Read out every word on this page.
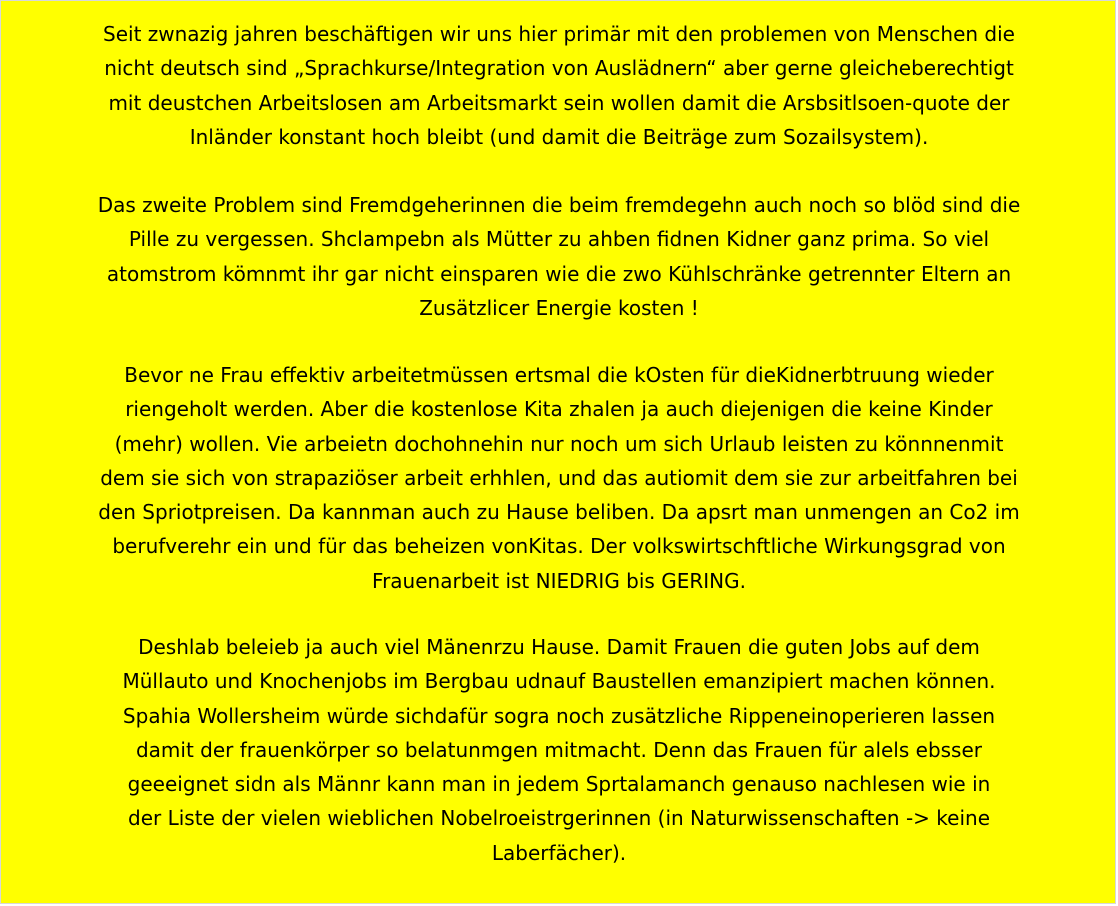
Seit zwnazig jahren beschäftigen wir uns hier primär mit den problemen von Menschen die
nicht deutsch sind „Sprachkurse/Integration von Auslädnern“ aber gerne gleicheberechtigt
mit deustchen Arbeitslosen am Arbeitsmarkt sein wollen damit die Arsbsitlsoen-quote der
Inländer konstant hoch bleibt (und damit die Beiträge zum Sozailsystem).

Das zweite Problem sind Fremdgeherinnen die beim fremdegehn auch noch so blöd sind die
Pille zu vergessen. Shclampebn als Mütter zu ahben fidnen Kidner ganz prima. So viel
atomstrom kömnmt ihr gar nicht einsparen wie die zwo Kühlschränke getrennter Eltern an
Zusätzlicer Energie kosten !

Bevor ne Frau effektiv arbeitetmüssen ertsmal die kOsten für dieKidnerbtruung wieder
riengeholt werden. Aber die kostenlose Kita zhalen ja auch diejenigen die keine Kinder
(mehr) wollen. Vie arbeietn dochohnehin nur noch um sich Urlaub leisten zu könnnenmit
dem sie sich von strapaziöser arbeit erhhlen, und das autiomit dem sie zur arbeitfahren bei
den Spriotpreisen. Da kannman auch zu Hause beliben. Da apsrt man unmengen an Co2 im
berufverehr ein und für das beheizen vonKitas. Der volkswirtschftliche Wirkungsgrad von
Frauenarbeit ist NIEDRIG bis GERING.

Deshlab beleieb ja auch viel Mänenrzu Hause. Damit Frauen die guten Jobs auf dem
Müllauto und Knochenjobs im Bergbau udnauf Baustellen emanzipiert machen können.
Spahia Wollersheim würde sichdafür sogra noch zusätzliche Rippeneinoperieren lassen
damit der frauenkörper so belatunmgen mitmacht. Denn das Frauen für alels ebsser
geeeignet sidn als Männr kann man in jedem Sprtalamanch genauso nachlesen wie in
der Liste der vielen wieblichen Nobelroeistrgerinnen (in Naturwissenschaften -> keine
Laberfächer).
